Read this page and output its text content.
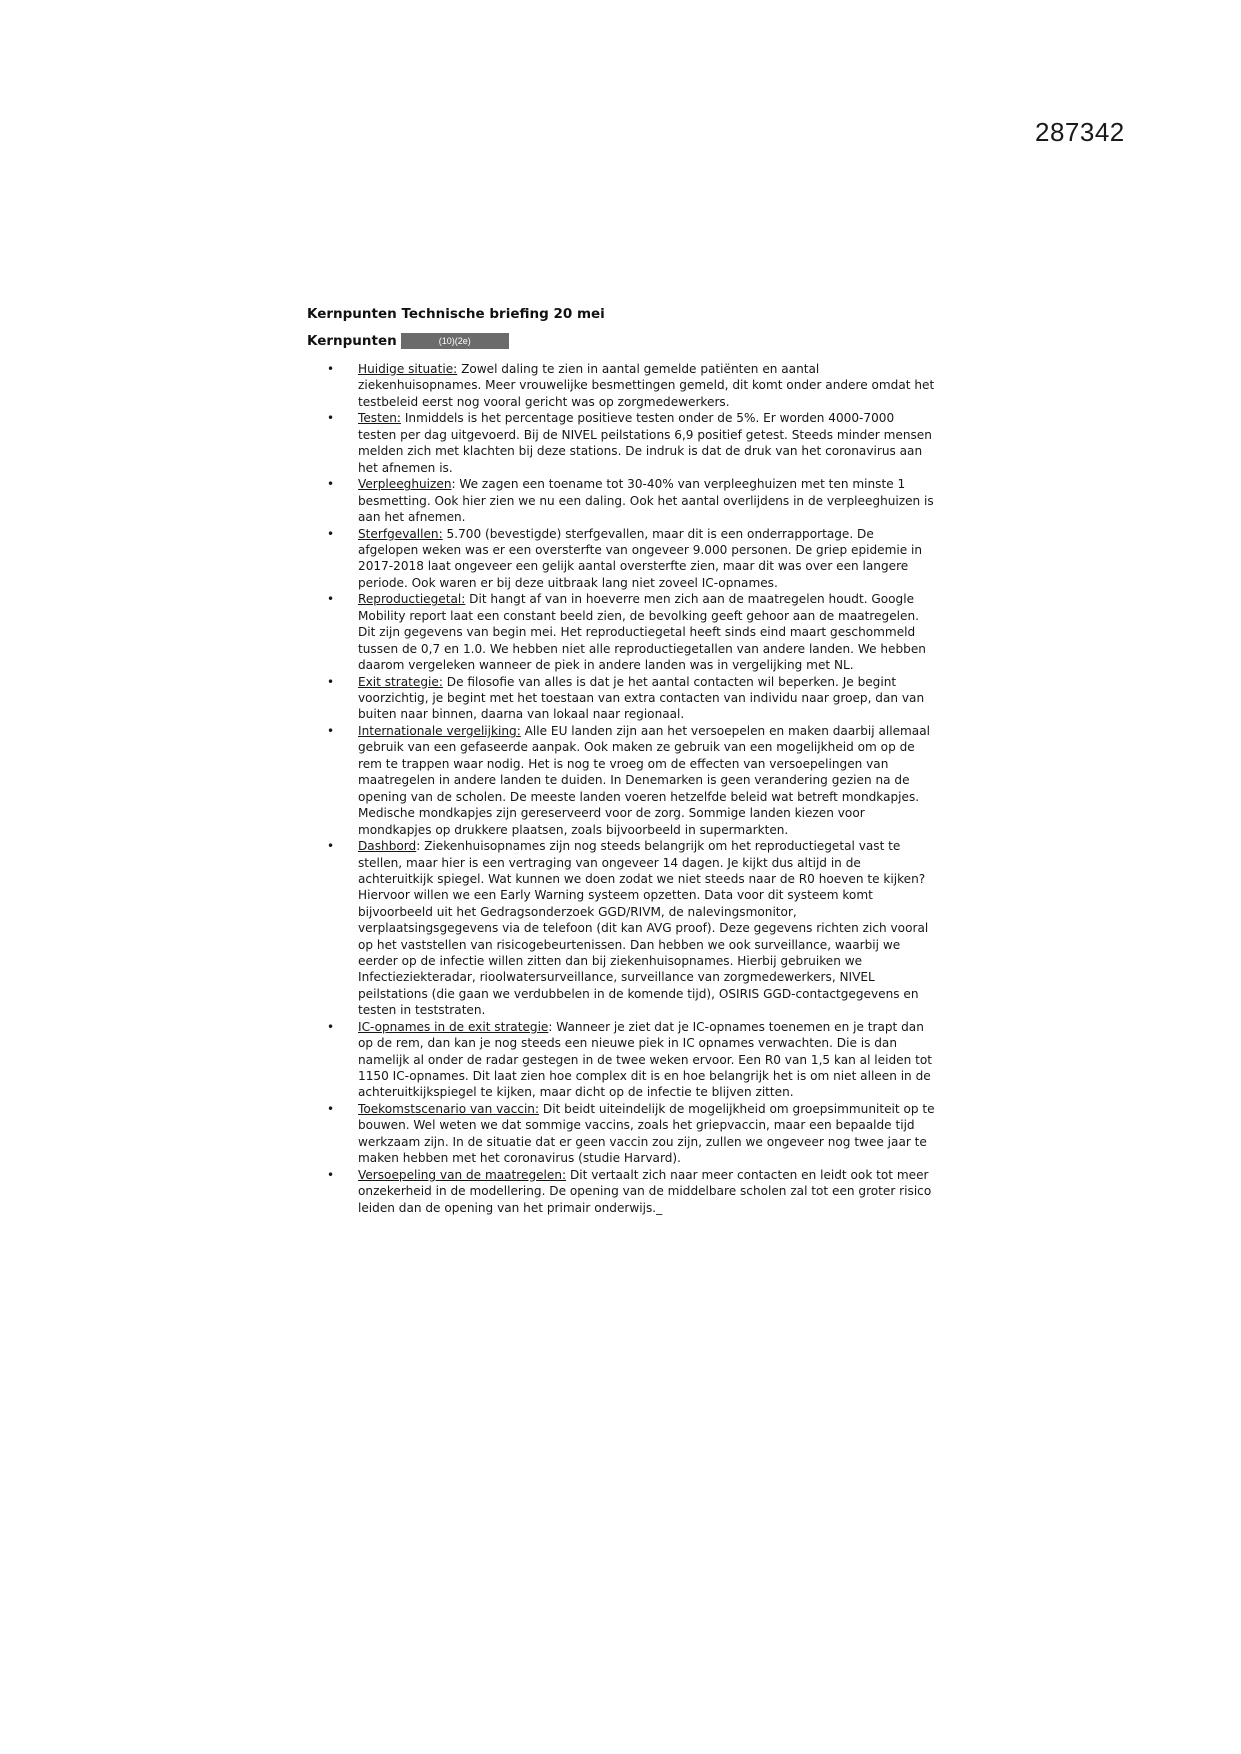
287342
Kernpunten Technische briefing 20 mei
Kernpunten	(10)(2e)
• Huidige situatie: Zowel daling te zien in aantal gemelde patiënten en aantal ziekenhuisopnames. Meer vrouwelijke besmettingen gemeld, dit komt onder andere omdat het testbeleid eerst nog vooral gericht was op zorgmedewerkers.
• Testen: Inmiddels is het percentage positieve testen onder de 5%. Er worden 4000-7000 testen per dag uitgevoerd. Bij de NIVEL peilstations 6,9 positief getest. Steeds minder mensen melden zich met klachten bij deze stations. De indruk is dat de druk van het coronavirus aan het afnemen is.
• Verpleeghuizen: We zagen een toename tot 30-40% van verpleeghuizen met ten minste 1 besmetting. Ook hier zien we nu een daling. Ook het aantal overlijdens in de verpleeghuizen is aan het afnemen.
• Sterfgevallen: 5.700 (bevestigde) sterfgevallen, maar dit is een onderrapportage. De afgelopen weken was er een oversterfte van ongeveer 9.000 personen. De griep epidemie in 2017-2018 laat ongeveer een gelijk aantal oversterfte zien, maar dit was over een langere periode. Ook waren er bij deze uitbraak lang niet zoveel IC-opnames.
• Reproductiegetal: Dit hangt af van in hoeverre men zich aan de maatregelen houdt. Google Mobility report laat een constant beeld zien, de bevolking geeft gehoor aan de maatregelen. Dit zijn gegevens van begin mei. Het reproductiegetal heeft sinds eind maart geschommeld tussen de 0,7 en 1.0. We hebben niet alle reproductiegetallen van andere landen. We hebben daarom vergeleken wanneer de piek in andere landen was in vergelijking met NL.
• Exit strategie: De filosofie van alles is dat je het aantal contacten wil beperken. Je begint voorzichtig, je begint met het toestaan van extra contacten van individu naar groep, dan van buiten naar binnen, daarna van lokaal naar regionaal.
• Internationale vergelijking: Alle EU landen zijn aan het versoepelen en maken daarbij allemaal gebruik van een gefaseerde aanpak. Ook maken ze gebruik van een mogelijkheid om op de rem te trappen waar nodig. Het is nog te vroeg om de effecten van versoepelingen van maatregelen in andere landen te duiden. In Denemarken is geen verandering gezien na de opening van de scholen. De meeste landen voeren hetzelfde beleid wat betreft mondkapjes. Medische mondkapjes zijn gereserveerd voor de zorg. Sommige landen kiezen voor mondkapjes op drukkere plaatsen, zoals bijvoorbeeld in supermarkten.
• Dashbord: Ziekenhuisopnames zijn nog steeds belangrijk om het reproductiegetal vast te stellen, maar hier is een vertraging van ongeveer 14 dagen. Je kijkt dus altijd in de achteruitkijk spiegel. Wat kunnen we doen zodat we niet steeds naar de R0 hoeven te kijken? Hiervoor willen we een Early Warning systeem opzetten. Data voor dit systeem komt bijvoorbeeld uit het Gedragsonderzoek GGD/RIVM, de nalevingsmonitor, verplaatsingsgegevens via de telefoon (dit kan AVG proof). Deze gegevens richten zich vooral op het vaststellen van risicogebeurtenissen. Dan hebben we ook surveillance, waarbij we eerder op de infectie willen zitten dan bij ziekenhuisopnames. Hierbij gebruiken we Infectieziekteradar, rioolwatersurveillance, surveillance van zorgmedewerkers, NIVEL peilstations (die gaan we verdubbelen in de komende tijd), OSIRIS GGD-contactgegevens en testen in teststraten.
• IC-opnames in de exit strategie: Wanneer je ziet dat je IC-opnames toenemen en je trapt dan op de rem, dan kan je nog steeds een nieuwe piek in IC opnames verwachten. Die is dan namelijk al onder de radar gestegen in de twee weken ervoor. Een R0 van 1,5 kan al leiden tot 1150 IC-opnames. Dit laat zien hoe complex dit is en hoe belangrijk het is om niet alleen in de achteruitkijkspiegel te kijken, maar dicht op de infectie te blijven zitten.
• Toekomstscenario van vaccin: Dit beidt uiteindelijk de mogelijkheid om groepsimmuniteit op te bouwen. Wel weten we dat sommige vaccins, zoals het griepvaccin, maar een bepaalde tijd werkzaam zijn. In de situatie dat er geen vaccin zou zijn, zullen we ongeveer nog twee jaar te maken hebben met het coronavirus (studie Harvard).
• Versoepeling van de maatregelen: Dit vertaalt zich naar meer contacten en leidt ook tot meer onzekerheid in de modellering. De opening van de middelbare scholen zal tot een groter risico leiden dan de opening van het primair onderwijs._
